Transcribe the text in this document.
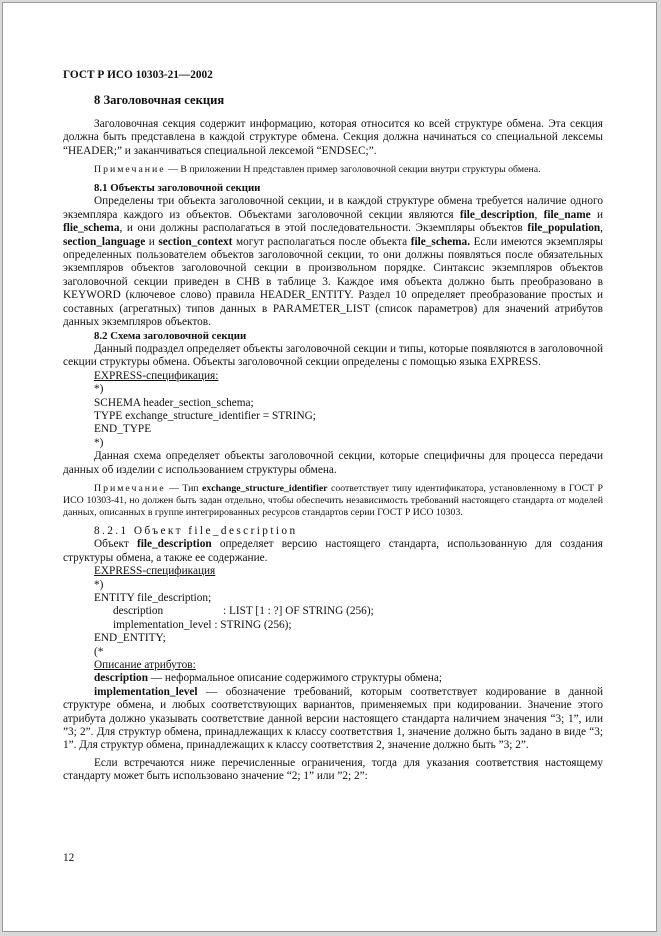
ГОСТ Р ИСО 10303-21—2002
8 Заголовочная секция

Заголовочная секция содержит информацию, которая относится ко всей структуре обмена. Эта секция должна быть представлена в каждой структуре обмена. Секция должна начинаться со специальной лексемы “HEADER;” и заканчиваться специальной лексемой “ENDSEC;”.

Примечание — В приложении Н представлен пример заголовочной секции внутри структуры обмена.

8.1 Объекты заголовочной секции

Определены три объекта заголовочной секции, и в каждой структуре обмена требуется наличие одного экземпляра каждого из объектов. Объектами заголовочной секции являются file_description, file_name и flie_schema, и они должны располагаться в этой последовательности. Экземпляры объектов file_population, section_language и section_context могут располагаться после объекта file_schema. Если имеются экземпляры определенных пользователем объектов заголовочной секции, то они должны появляться после обязательных экземпляров объектов заголовочной секции в произвольном порядке. Синтаксис экземпляров объектов заголовочной секции приведен в СНВ в таблице 3. Каждое имя объекта должно быть преобразовано в KEYWORD (ключевое слово) правила HEADER_ENTITY. Раздел 10 определяет преобразование простых и составных (агрегатных) типов данных в PARAMETER_LIST (список параметров) для значений атрибутов данных экземпляров объектов.

8.2 Схема заголовочной секции

Данный подраздел определяет объекты заголовочной секции и типы, которые появляются в заголовочной секции структуры обмена. Объекты заголовочной секции определены с помощью языка EXPRESS.

EXPRESS-спецификация:
*)
SCHEMA header_section_schema;
TYPE exchange_structure_identifier = STRING;
END_TYPE
*)

Данная схема определяет объекты заголовочной секции, которые специфичны для процесса передачи данных об изделии с использованием структуры обмена.

Примечание — Тип exchange_structure_identifier соответствует типу идентификатора, установленному в ГОСТ Р ИСО 10303-41, но должен быть задан отдельно, чтобы обеспечить независимость требований настоящего стандарта от моделей данных, описанных в группе интегрированных ресурсов стандартов серии ГОСТ Р ИСО 10303.

8.2.1 Объект file_description

Объект file_description определяет версию настоящего стандарта, использованную для создания структуры обмена, а также ее содержание.

EXPRESS-спецификация
*)
ENTITY file_description;
description	: LIST [1 : ?] OF STRING (256);
implementation_level : STRING (256);
END_ENTITY;
(*
Описание атрибутов:

description — неформальное описание содержимого структуры обмена;

implementation_level — обозначение требований, которым соответствует кодирование в данной структуре обмена, и любых соответствующих вариантов, применяемых при кодировании. Значение этого атрибута должно указывать соответствие данной версии настоящего стандарта наличием значения “3; 1”, или ”3; 2”. Для структур обмена, принадлежащих к классу соответствия 1, значение должно быть задано в виде “3; 1”. Для структур обмена, принадлежащих к классу соответствия 2, значение должно быть ”3; 2”.

Если встречаются ниже перечисленные ограничения, тогда для указания соответствия настоящему стандарту может быть использовано значение “2; 1” или ”2; 2”:

12
